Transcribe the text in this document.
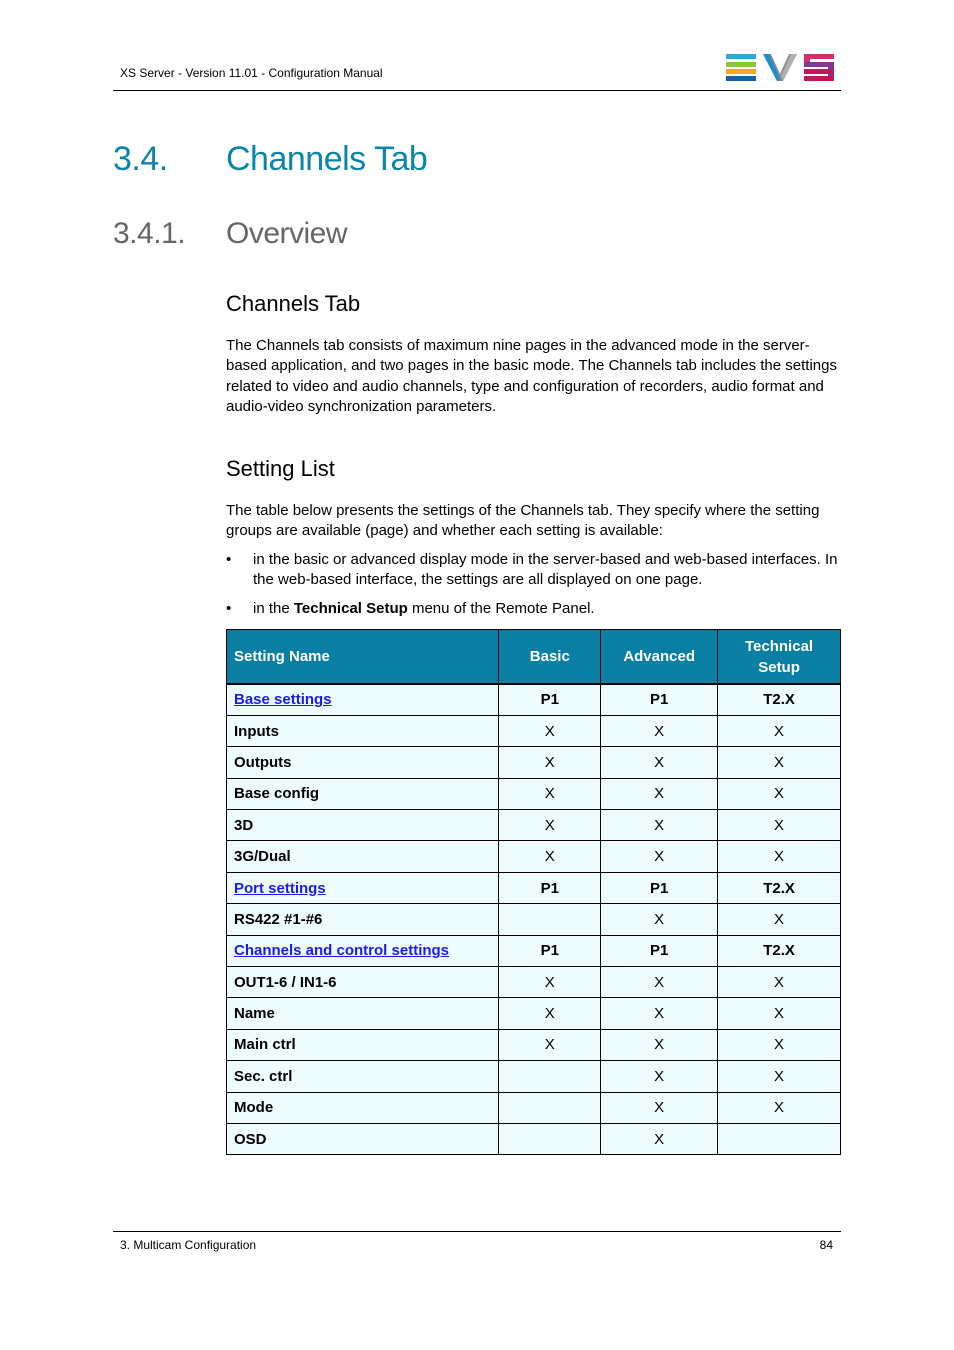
XS Server - Version 11.01 - Configuration Manual
3.4. Channels Tab
3.4.1. Overview
Channels Tab
The Channels tab consists of maximum nine pages in the advanced mode in the server-based application, and two pages in the basic mode. The Channels tab includes the settings related to video and audio channels, type and configuration of recorders, audio format and audio-video synchronization parameters.
Setting List
The table below presents the settings of the Channels tab. They specify where the setting groups are available (page) and whether each setting is available:
• in the basic or advanced display mode in the server-based and web-based interfaces. In the web-based interface, the settings are all displayed on one page.
• in the Technical Setup menu of the Remote Panel.
Setting Name	Basic	Advanced	Technical Setup
Base settings	P1	P1	T2.X
Inputs	X	X	X
Outputs	X	X	X
Base config	X	X	X
3D	X	X	X
3G/Dual	X	X	X
Port settings	P1	P1	T2.X
RS422 #1-#6		X	X
Channels and control settings	P1	P1	T2.X
OUT1-6 / IN1-6	X	X	X
Name	X	X	X
Main ctrl	X	X	X
Sec. ctrl		X	X
Mode		X	X
OSD		X	
3. Multicam Configuration	84
